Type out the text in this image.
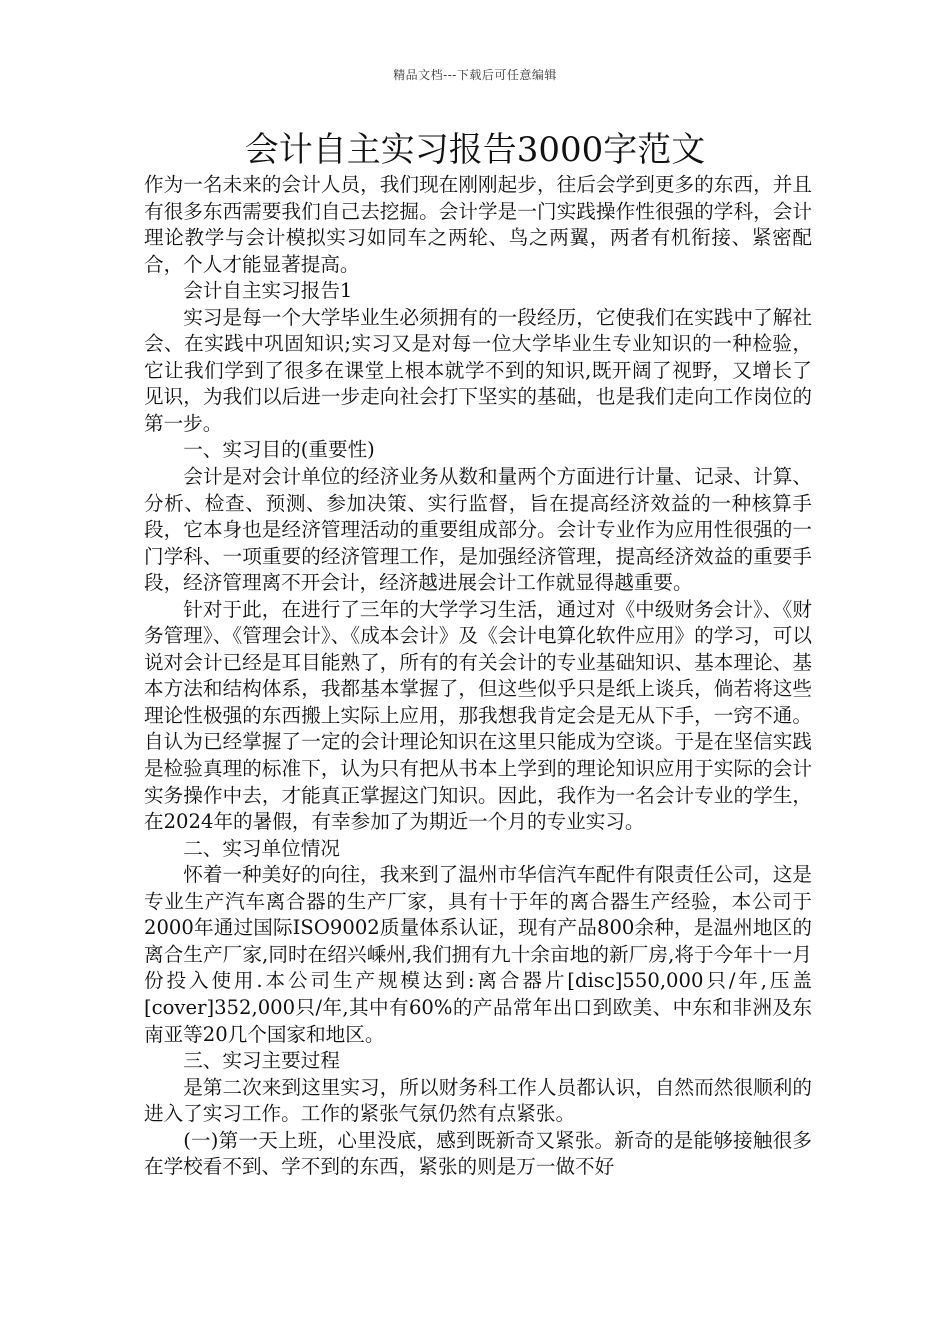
精品文档---下载后可任意编辑
会计自主实习报告3000字范文

作为一名未来的会计人员，我们现在刚刚起步，往后会学到更多的东西，并且有很多东西需要我们自己去挖掘。会计学是一门实践操作性很强的学科，会计理论教学与会计模拟实习如同车之两轮、鸟之两翼，两者有机衔接、紧密配合，个人才能显著提高。

会计自主实习报告1

实习是每一个大学毕业生必须拥有的一段经历，它使我们在实践中了解社会、在实践中巩固知识;实习又是对每一位大学毕业生专业知识的一种检验，它让我们学到了很多在课堂上根本就学不到的知识,既开阔了视野，又增长了见识，为我们以后进一步走向社会打下坚实的基础，也是我们走向工作岗位的第一步。

一、实习目的(重要性)

会计是对会计单位的经济业务从数和量两个方面进行计量、记录、计算、分析、检查、预测、参加决策、实行监督，旨在提高经济效益的一种核算手段，它本身也是经济管理活动的重要组成部分。会计专业作为应用性很强的一门学科、一项重要的经济管理工作，是加强经济管理，提高经济效益的重要手段，经济管理离不开会计，经济越进展会计工作就显得越重要。

针对于此，在进行了三年的大学学习生活，通过对《中级财务会计》、《财务管理》、《管理会计》、《成本会计》及《会计电算化软件应用》的学习，可以说对会计已经是耳目能熟了，所有的有关会计的专业基础知识、基本理论、基本方法和结构体系，我都基本掌握了，但这些似乎只是纸上谈兵，倘若将这些理论性极强的东西搬上实际上应用，那我想我肯定会是无从下手，一窍不通。自认为已经掌握了一定的会计理论知识在这里只能成为空谈。于是在坚信实践是检验真理的标准下，认为只有把从书本上学到的理论知识应用于实际的会计实务操作中去，才能真正掌握这门知识。因此，我作为一名会计专业的学生，在2024年的暑假，有幸参加了为期近一个月的专业实习。

二、实习单位情况

怀着一种美好的向往，我来到了温州市华信汽车配件有限责任公司，这是专业生产汽车离合器的生产厂家，具有十于年的离合器生产经验，本公司于2000年通过国际ISO9002质量体系认证，现有产品800余种，是温州地区的离合生产厂家,同时在绍兴嵊州,我们拥有九十余亩地的新厂房,将于今年十一月份投入使用.本公司生产规模达到:离合器片[disc]550,000只/年,压盖[cover]352,000只/年,其中有60%的产品常年出口到欧美、中东和非洲及东南亚等20几个国家和地区。

三、实习主要过程

是第二次来到这里实习，所以财务科工作人员都认识，自然而然很顺利的进入了实习工作。工作的紧张气氛仍然有点紧张。

(一)第一天上班，心里没底，感到既新奇又紧张。新奇的是能够接触很多在学校看不到、学不到的东西，紧张的则是万一做不好
